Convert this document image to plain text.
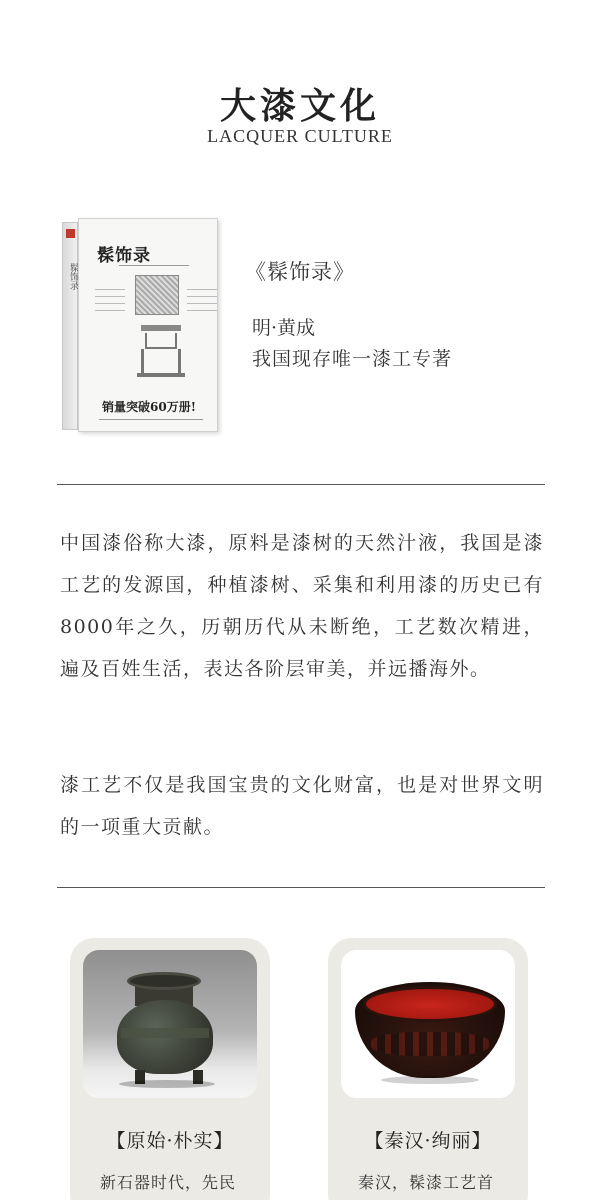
大漆文化
LACQUER CULTURE
髹饰录
髹饰录
销量突破60万册!
《髹饰录》
明·黄成
我国现存唯一漆工专著
中国漆俗称大漆，原料是漆树的天然汁液，我国是漆工艺的发源国，种植漆树、采集和利用漆的历史已有8000年之久，历朝历代从未断绝，工艺数次精进，遍及百姓生活，表达各阶层审美，并远播海外。
漆工艺不仅是我国宝贵的文化财富，也是对世界文明的一项重大贡献。
【原始·朴实】
新石器时代，先民
【秦汉·绚丽】
秦汉，髹漆工艺首
